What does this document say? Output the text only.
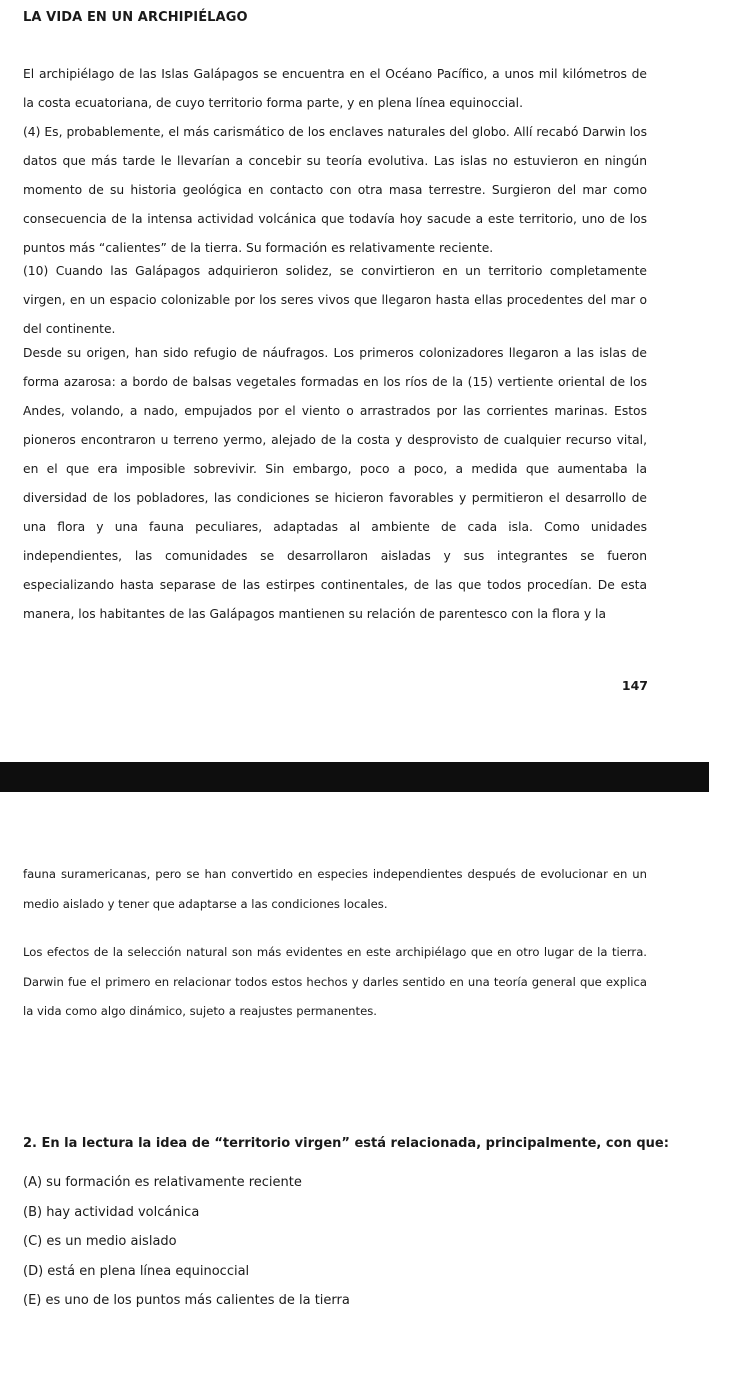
LA VIDA EN UN ARCHIPIÉLAGO

El archipiélago de las Islas Galápagos se encuentra en el Océano Pacífico, a unos mil kilómetros de la costa ecuatoriana, de cuyo territorio forma parte, y en plena línea equinoccial.

(4) Es, probablemente, el más carismático de los enclaves naturales del globo. Allí recabó Darwin los datos que más tarde le llevarían a concebir su teoría evolutiva. Las islas no estuvieron en ningún momento de su historia geológica en contacto con otra masa terrestre. Surgieron del mar como consecuencia de la intensa actividad volcánica que todavía hoy sacude a este territorio, uno de los puntos más “calientes” de la tierra. Su formación es relativamente reciente.

(10) Cuando las Galápagos adquirieron solidez, se convirtieron en un territorio completamente virgen, en un espacio colonizable por los seres vivos que llegaron hasta ellas procedentes del mar o del continente.

Desde su origen, han sido refugio de náufragos. Los primeros colonizadores llegaron a las islas de forma azarosa: a bordo de balsas vegetales formadas en los ríos de la (15) vertiente oriental de los Andes, volando, a nado, empujados por el viento o arrastrados por las corrientes marinas. Estos pioneros encontraron u terreno yermo, alejado de la costa y desprovisto de cualquier recurso vital, en el que era imposible sobrevivir. Sin embargo, poco a poco, a medida que aumentaba la diversidad de los pobladores, las condiciones se hicieron favorables y permitieron el desarrollo de una flora y una fauna peculiares, adaptadas al ambiente de cada isla. Como unidades independientes, las comunidades se desarrollaron aisladas y sus integrantes se fueron especializando hasta separase de las estirpes continentales, de las que todos procedían. De esta manera, los habitantes de las Galápagos mantienen su relación de parentesco con la flora y la

147

fauna suramericanas, pero se han convertido en especies independientes después de evolucionar en un medio aislado y tener que adaptarse a las condiciones locales.

Los efectos de la selección natural son más evidentes en este archipiélago que en otro lugar de la tierra. Darwin fue el primero en relacionar todos estos hechos y darles sentido en una teoría general que explica la vida como algo dinámico, sujeto a reajustes permanentes.

2. En la lectura la idea de “territorio virgen” está relacionada, principalmente, con que:
(A) su formación es relativamente reciente
(B) hay actividad volcánica
(C) es un medio aislado
(D) está en plena línea equinoccial
(E) es uno de los puntos más calientes de la tierra
